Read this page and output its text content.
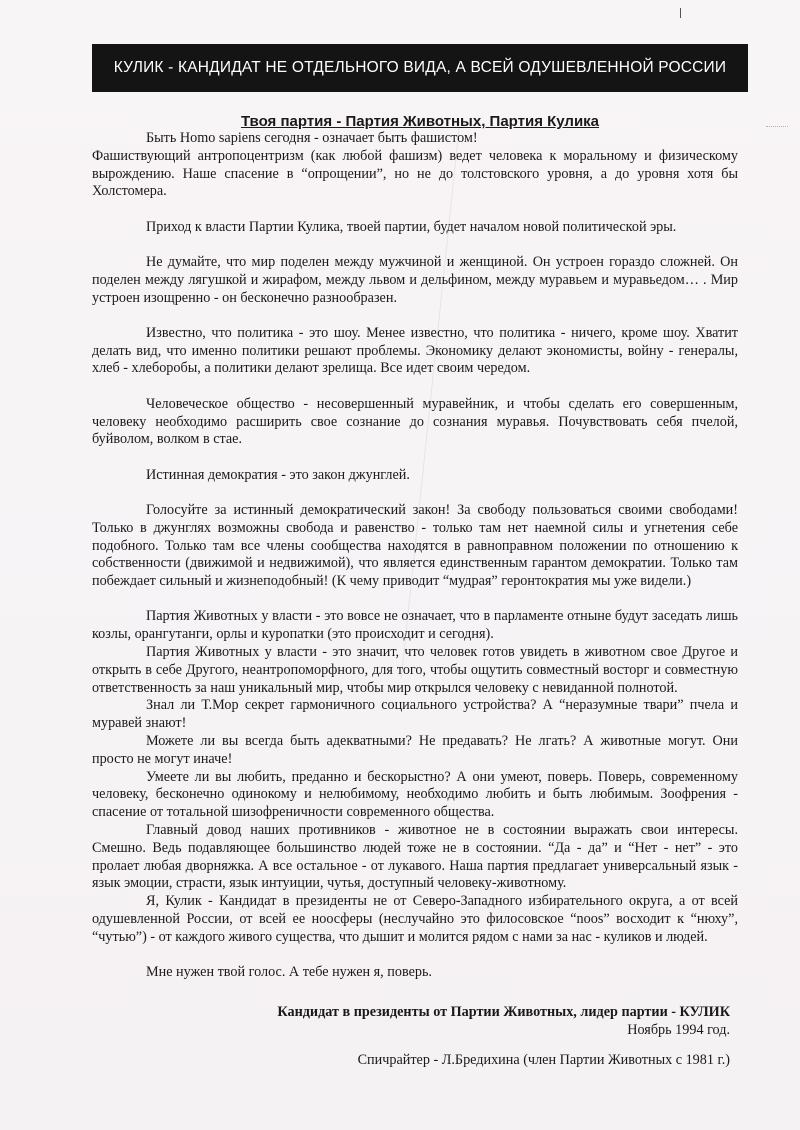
КУЛИК - КАНДИДАТ НЕ ОТДЕЛЬНОГО ВИДА, А ВСЕЙ ОДУШЕВЛЕННОЙ РОССИИ
Твоя партия - Партия Животных, Партия Кулика

Быть Homo sapiens сегодня - означает быть фашистом!

Фашиствующий антропоцентризм (как любой фашизм) ведет человека к моральному и физическому вырождению. Наше спасение в “опрощении”, но не до толстовского уровня, а до уровня хотя бы Холстомера.

Приход к власти Партии Кулика, твоей партии, будет началом новой политической эры.

Не думайте, что мир поделен между мужчиной и женщиной. Он устроен гораздо сложней. Он поделен между лягушкой и жирафом, между львом и дельфином, между муравьем и муравьедом… . Мир устроен изощренно - он бесконечно разнообразен.

Известно, что политика - это шоу. Менее известно, что политика - ничего, кроме шоу. Хватит делать вид, что именно политики решают проблемы. Экономику делают экономисты, войну - генералы, хлеб - хлеборобы, а политики делают зрелища. Все идет своим чередом.

Человеческое общество - несовершенный муравейник, и чтобы сделать его совершенным, человеку необходимо расширить свое сознание до сознания муравья. Почувствовать себя пчелой, буйволом, волком в стае.

Истинная демократия - это закон джунглей.

Голосуйте за истинный демократический закон! За свободу пользоваться своими свободами! Только в джунглях возможны свобода и равенство - только там нет наемной силы и угнетения себе подобного. Только там все члены сообщества находятся в равноправном положении по отношению к собственности (движимой и недвижимой), что является единственным гарантом демократии. Только там побеждает сильный и жизнеподобный! (К чему приводит “мудрая” геронтократия мы уже видели.)

Партия Животных у власти - это вовсе не означает, что в парламенте отныне будут заседать лишь козлы, орангутанги, орлы и куропатки (это происходит и сегодня).

Партия Животных у власти - это значит, что человек готов увидеть в животном свое Другое и открыть в себе Другого, неантропоморфного, для того, чтобы ощутить совместный восторг и совместную ответственность за наш уникальный мир, чтобы мир открылся человеку с невиданной полнотой.

Знал ли Т.Мор секрет гармоничного социального устройства? А “неразумные твари” пчела и муравей знают!

Можете ли вы всегда быть адекватными? Не предавать? Не лгать? А животные могут. Они просто не могут иначе!

Умеете ли вы любить, преданно и бескорыстно? А они умеют, поверь. Поверь, современному человеку, бесконечно одинокому и нелюбимому, необходимо любить и быть любимым. Зоофрения - спасение от тотальной шизофреничности современного общества.

Главный довод наших противников - животное не в состоянии выражать свои интересы. Смешно. Ведь подавляющее большинство людей тоже не в состоянии. “Да - да” и “Нет - нет” - это пролает любая дворняжка. А все остальное - от лукавого. Наша партия предлагает универсальный язык - язык эмоции, страсти, язык интуиции, чутья, доступный человеку-животному.

Я, Кулик - Кандидат в президенты не от Северо-Западного избирательного округа, а от всей одушевленной России, от всей ее ноосферы (неслучайно это филосовское “noos” восходит к “нюху”, “чутью”) - от каждого живого существа, что дышит и молится рядом с нами за нас - куликов и людей.

Мне нужен твой голос. А тебе нужен я, поверь.

Кандидат в президенты от Партии Животных, лидер партии - КУЛИК
Ноябрь 1994 год.
Спичрайтер - Л.Бредихина (член Партии Животных с 1981 г.)
